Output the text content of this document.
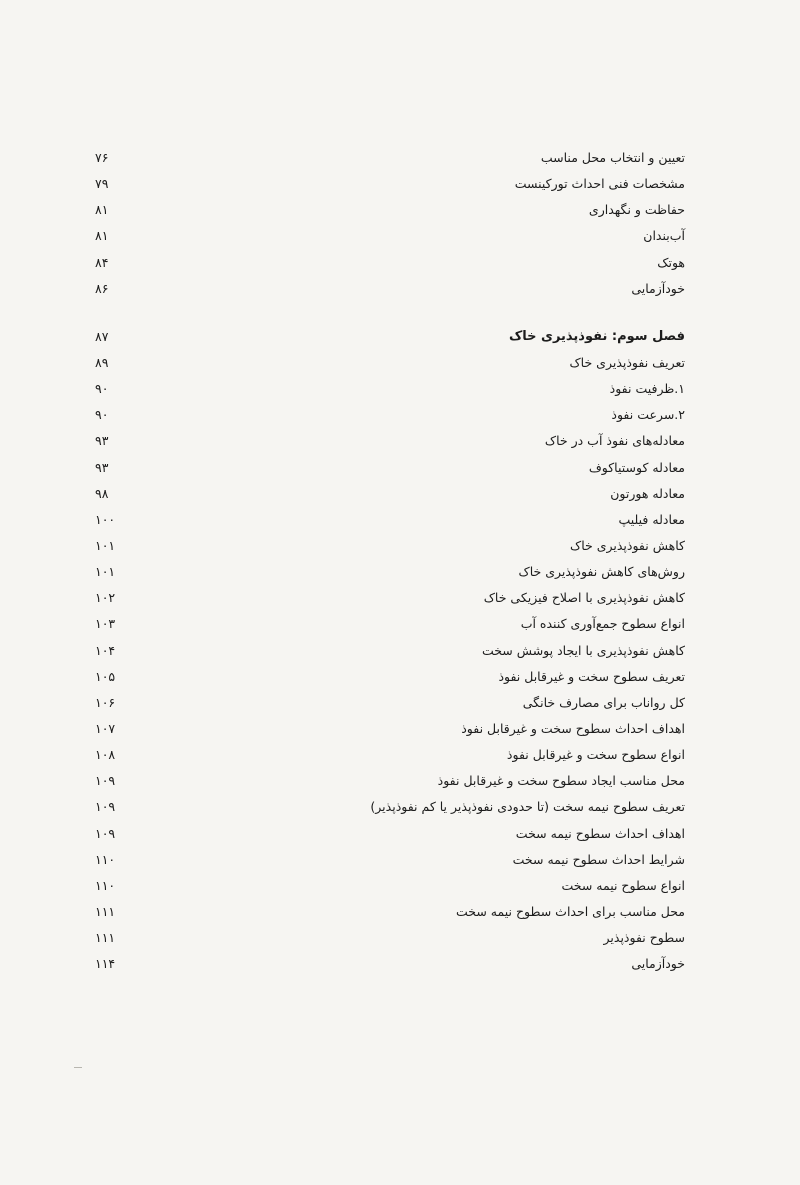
تعیین و انتخاب محل مناسب
۷۶
مشخصات فنی احداث تورکینست
۷۹
حفاظت و نگهداری
۸۱
آب‌بندان
۸۱
هوتک
۸۴
خودآزمایی
۸۶
فصل سوم: نفوذپذیری خاک
۸۷
تعریف نفوذپذیری خاک
۸۹
۱.ظرفیت نفوذ
۹۰
۲.سرعت نفوذ
۹۰
معادله‌های نفوذ آب در خاک
۹۳
معادله کوستیاکوف
۹۳
معادله هورتون
۹۸
معادله فیلیپ
۱۰۰
کاهش نفوذپذیری خاک
۱۰۱
روش‌های کاهش نفوذپذیری خاک
۱۰۱
کاهش نفوذپذیری با اصلاح فیزیکی خاک
۱۰۲
انواع سطوح جمع‌آوری کننده آب
۱۰۳
کاهش نفوذپذیری با ایجاد پوشش سخت
۱۰۴
تعریف سطوح سخت و غیرقابل نفوذ
۱۰۵
کل رواناب برای مصارف خانگی
۱۰۶
اهداف احداث سطوح سخت و غیرقابل نفوذ
۱۰۷
انواع سطوح سخت و غیرقابل نفوذ
۱۰۸
محل مناسب ایجاد سطوح سخت و غیرقابل نفوذ
۱۰۹
تعریف سطوح نیمه سخت (تا حدودی نفوذپذیر یا کم نفوذپذیر)
۱۰۹
اهداف احداث سطوح نیمه سخت
۱۰۹
شرایط احداث سطوح نیمه سخت
۱۱۰
انواع سطوح نیمه سخت
۱۱۰
محل مناسب برای احداث سطوح نیمه سخت
۱۱۱
سطوح نفوذپذیر
۱۱۱
خودآزمایی
۱۱۴
